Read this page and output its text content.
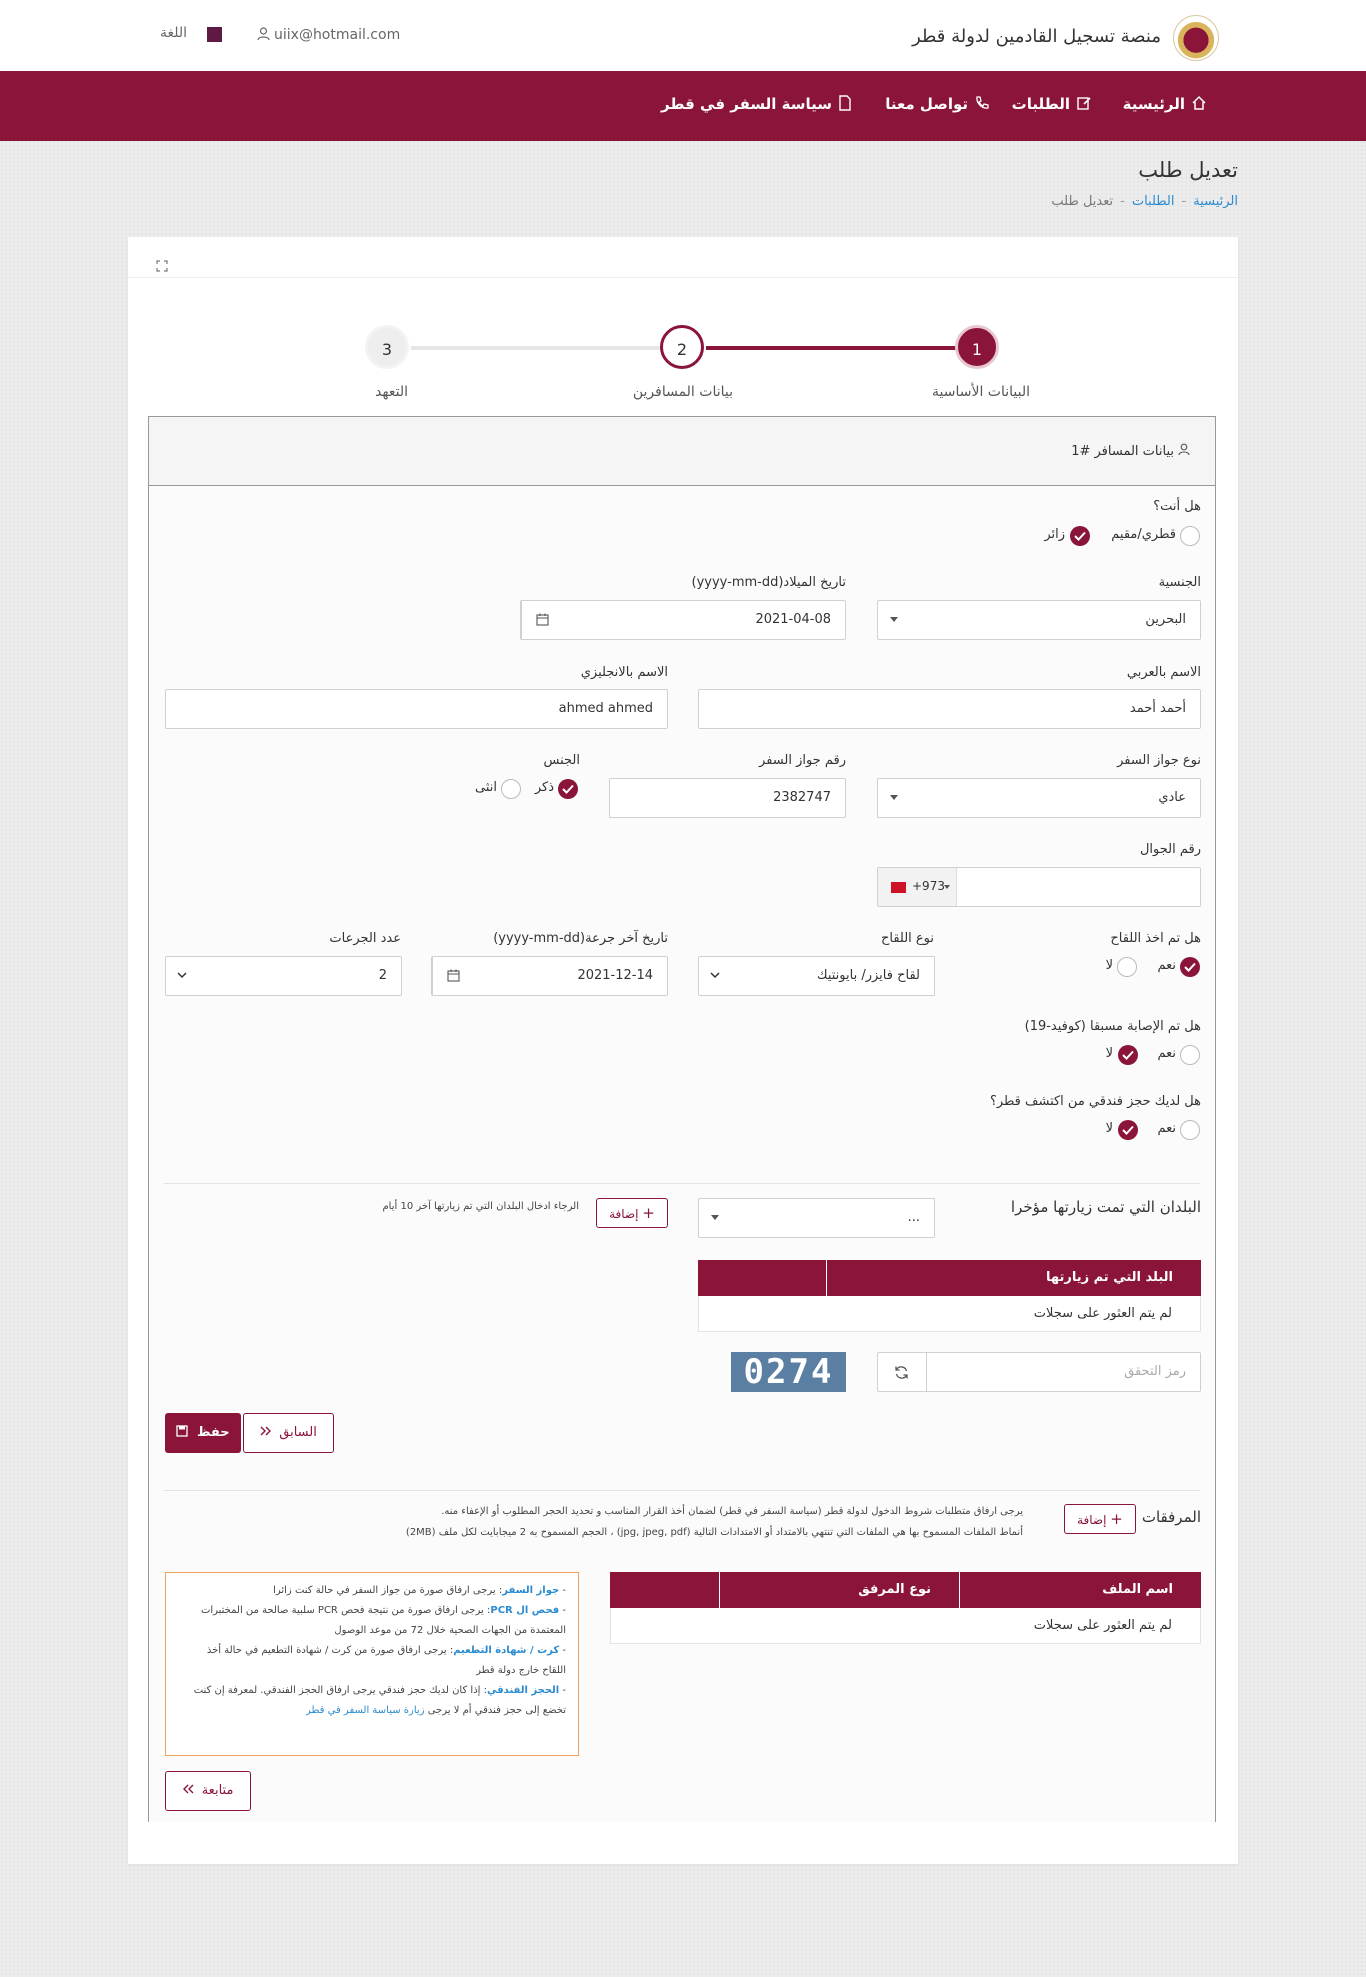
منصة تسجيل القادمين لدولة قطر
uiix@hotmail.com
اللغة
الرئيسية
الطلبات
تواصل معنا
سياسة السفر في قطر
تعديل طلب
الرئيسية-الطلبات-تعديل طلب
1
2
3
البيانات الأساسية
بيانات المسافرين
التعهد
بيانات المسافر #1
هل أنت؟
قطري/مقيم
زائر
الجنسية
البحرين
تاريخ الميلاد(yyyy-mm-dd)
2021-04-08
الاسم بالعربي
أحمد أحمد
الاسم بالانجليزي
ahmed ahmed
نوع جواز السفر
عادي
رقم جواز السفر
2382747
الجنس
ذكر
انثى
رقم الجوال
+973
هل تم اخذ اللقاح
نعم
لا
نوع اللقاح
لقاح فايزر/ بايونتيك
تاريخ آخر جرعة(yyyy-mm-dd)
2021-12-14
عدد الجرعات
2
هل تم الإصابة مسبقا (كوفيد-19)
نعم
لا
هل لديك حجز فندقي من اكتشف قطر؟
نعم
لا
البلدان التي تمت زيارتها مؤخرا
...
+ إضافة
الرجاء ادخال البلدان التي تم زيارتها آخر 10 أيام
البلد التي تم زيارتها
لم يتم العثور على سجلات
رمز التحقق
0274
حفظ	السابق
المرفقات
+ إضافة
يرجى ارفاق متطلبات شروط الدخول لدولة قطر (سياسة السفر في قطر) لضمان أخذ القرار المناسب و تحديد الحجر المطلوب أو الإعفاء منه.
أنماط الملفات المسموح بها هي الملفات التي تنتهي بالامتداد أو الامتدادات التالية (jpg, jpeg, pdf) ، الحجم المسموح به 2 ميجابايت لكل ملف (2MB)
اسم الملف
نوع المرفق
لم يتم العثور على سجلات
- جواز السفر: يرجى ارفاق صورة من جواز السفر في حالة كنت زائرا
- فحص ال PCR: يرجى ارفاق صورة من نتيجة فحص PCR سلبية صالحة من المختبرات
المعتمدة من الجهات الصحية خلال 72 من موعد الوصول
- كرت / شهادة التطعيم: يرجى ارفاق صورة من كرت / شهادة التطعيم في حالة أخذ
اللقاح خارج دولة قطر
- الحجز الفندقي: إذا كان لديك حجز فندقي يرجى ارفاق الحجز الفندقي. لمعرفة إن كنت
تخضع إلى حجز فندقي أم لا يرجى زيارة سياسة السفر في قطر
متابعة
